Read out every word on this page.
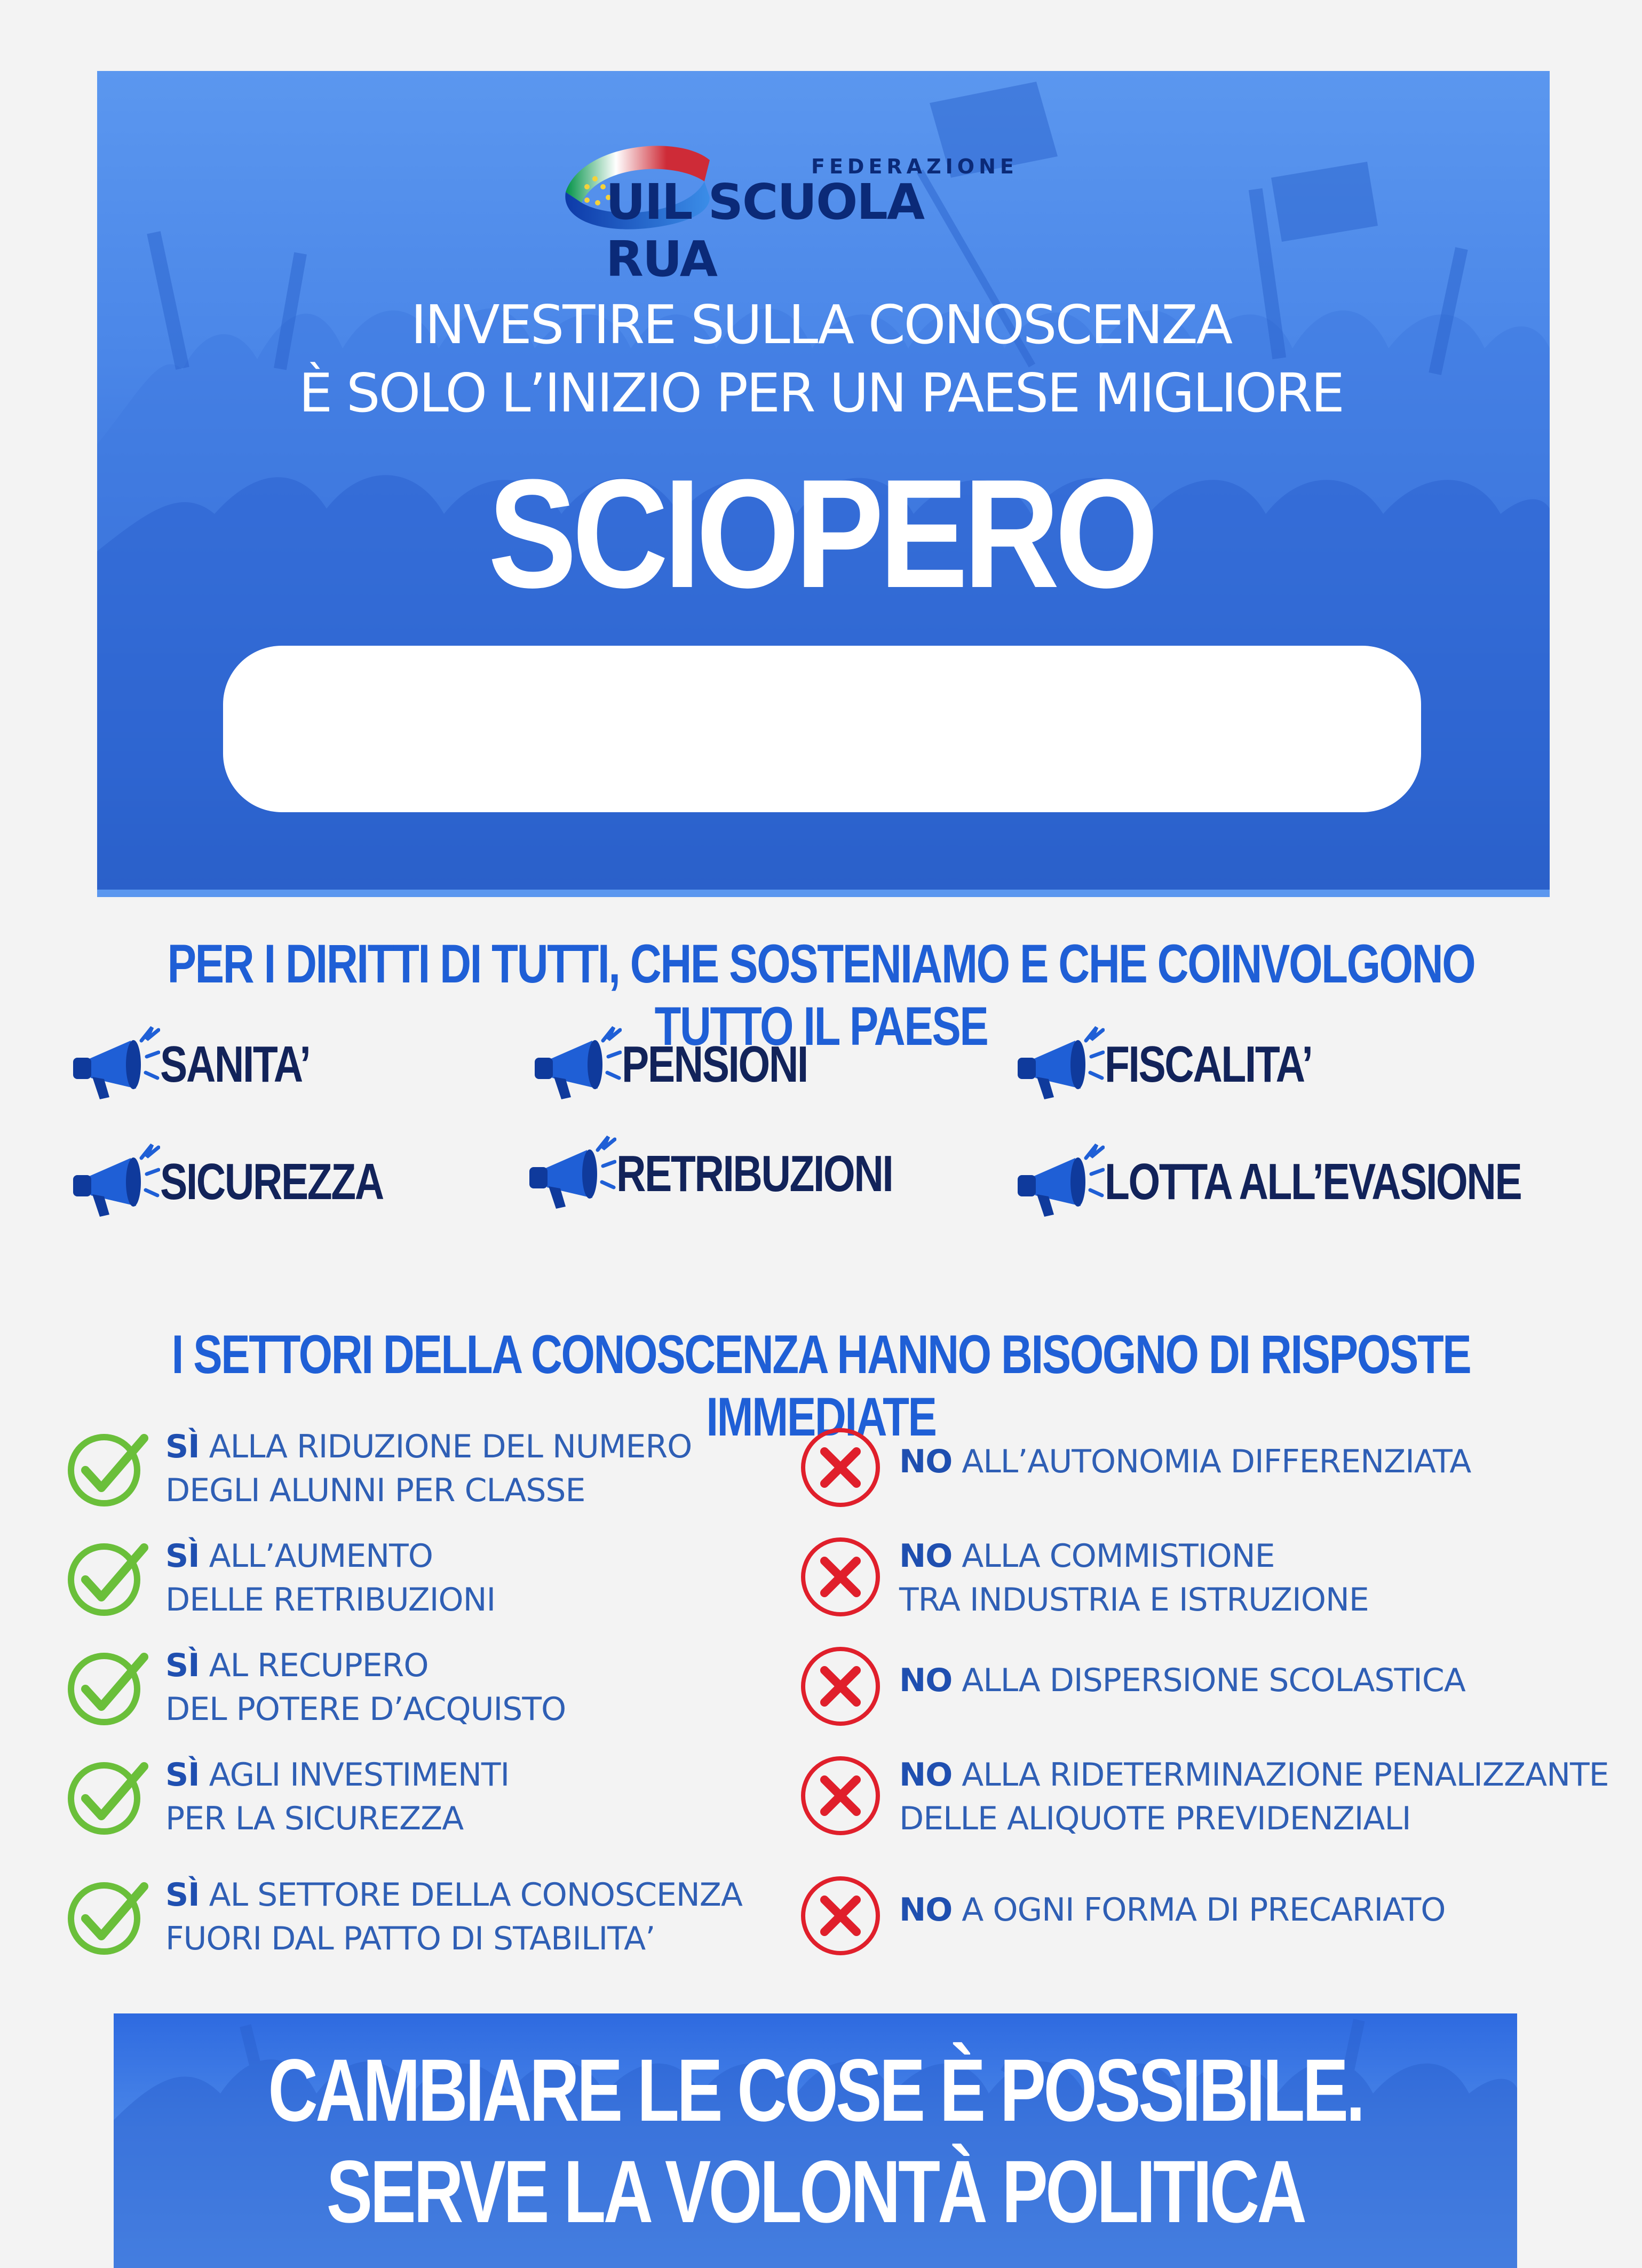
FEDERAZIONE
UIL SCUOLA RUA
INVESTIRE SULLA CONOSCENZA
È SOLO L’INIZIO PER UN PAESE MIGLIORE
SCIOPERO
PER I DIRITTI DI TUTTI, CHE SOSTENIAMO E CHE COINVOLGONO TUTTO IL PAESE
SANITA’	PENSIONI	FISCALITA’
SICUREZZA	RETRIBUZIONI	LOTTA ALL’EVASIONE
I SETTORI DELLA CONOSCENZA HANNO BISOGNO DI RISPOSTE IMMEDIATE
SÌ ALLA RIDUZIONE DEL NUMERO
DEGLI ALUNNI PER CLASSE
SÌ ALL’AUMENTO
DELLE RETRIBUZIONI
SÌ AL RECUPERO
DEL POTERE D’ACQUISTO
SÌ AGLI INVESTIMENTI
PER LA SICUREZZA
SÌ AL SETTORE DELLA CONOSCENZA
FUORI DAL PATTO DI STABILITA’
NO ALL’AUTONOMIA DIFFERENZIATA
NO ALLA COMMISTIONE
TRA INDUSTRIA E ISTRUZIONE
NO ALLA DISPERSIONE SCOLASTICA
NO ALLA RIDETERMINAZIONE PENALIZZANTE
DELLE ALIQUOTE PREVIDENZIALI
NO A OGNI FORMA DI PRECARIATO
CAMBIARE LE COSE È POSSIBILE.
SERVE LA VOLONTÀ POLITICA
